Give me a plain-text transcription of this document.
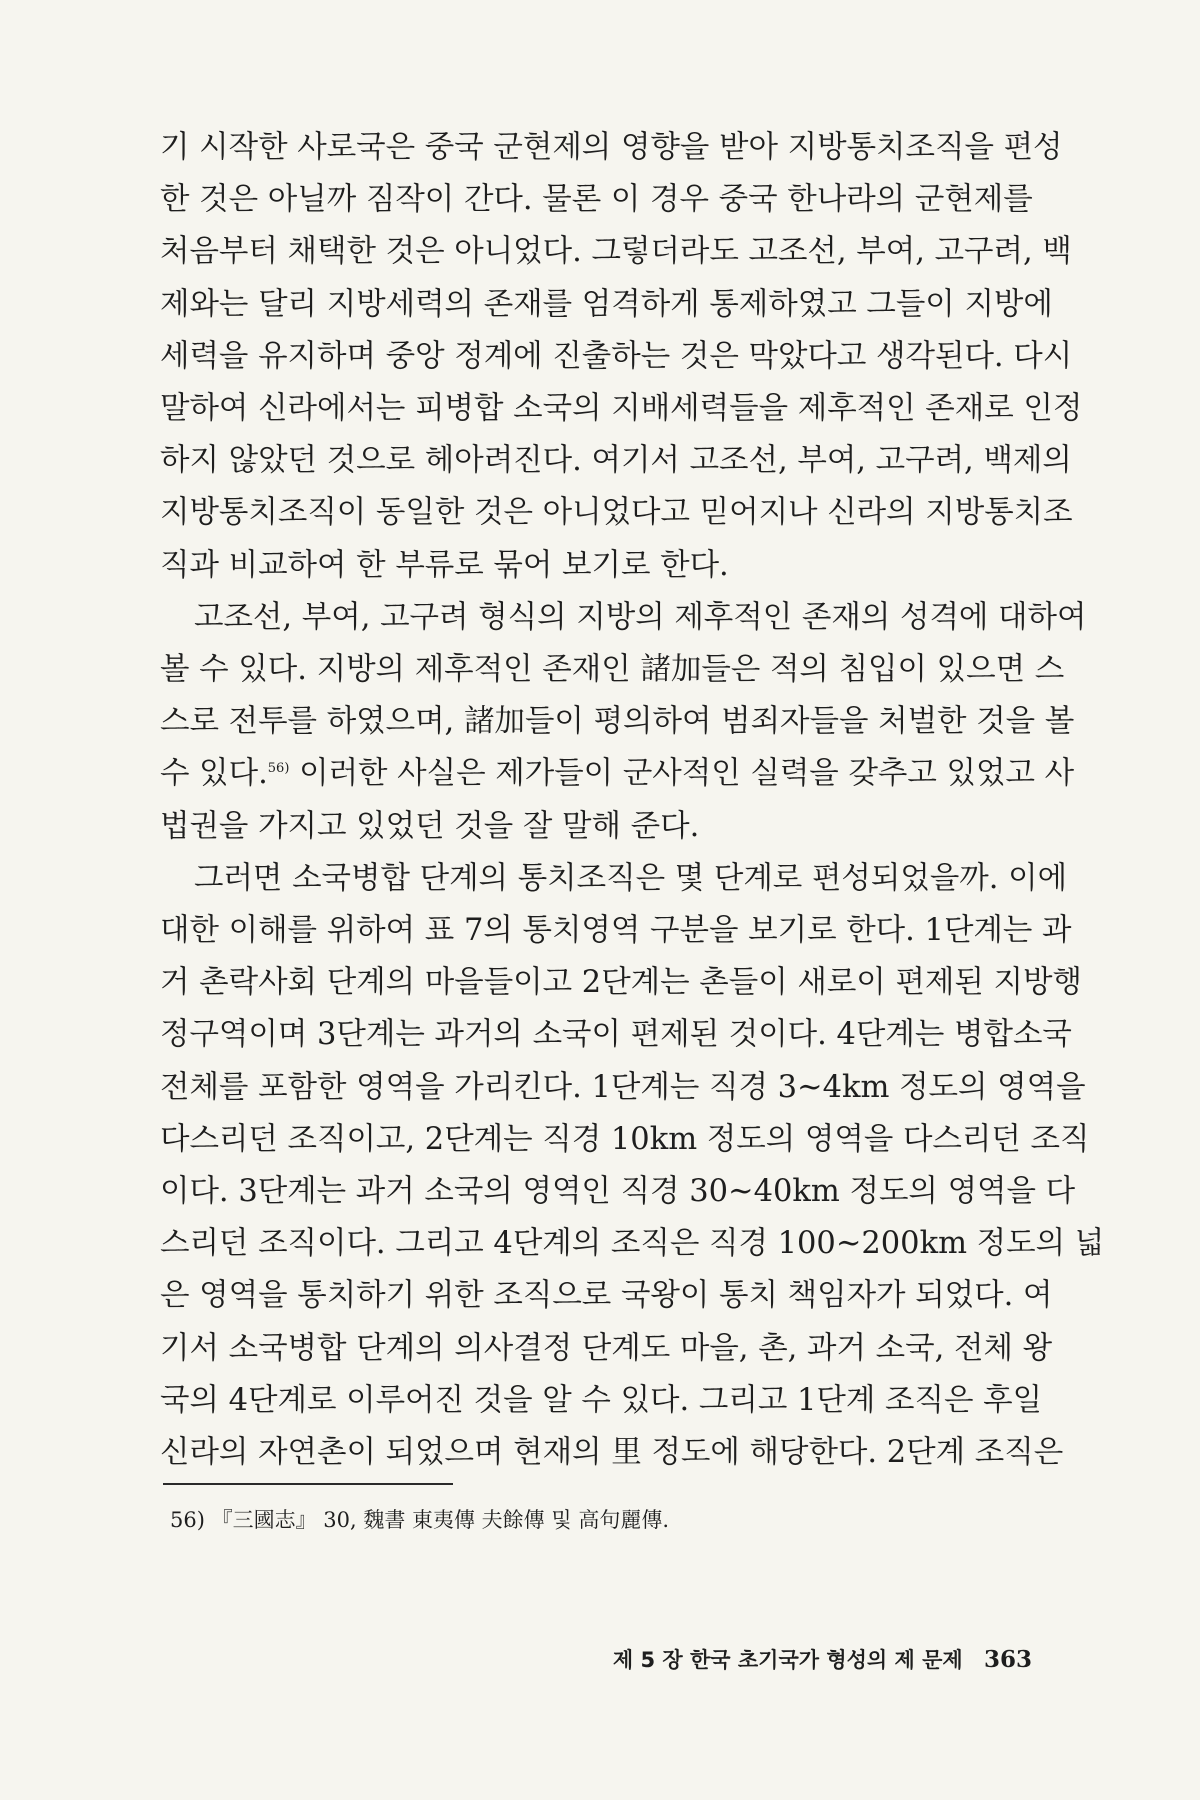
기 시작한 사로국은 중국 군현제의 영향을 받아 지방통치조직을 편성
한 것은 아닐까 짐작이 간다. 물론 이 경우 중국 한나라의 군현제를
처음부터 채택한 것은 아니었다. 그렇더라도 고조선, 부여, 고구려, 백
제와는 달리 지방세력의 존재를 엄격하게 통제하였고 그들이 지방에
세력을 유지하며 중앙 정계에 진출하는 것은 막았다고 생각된다. 다시
말하여 신라에서는 피병합 소국의 지배세력들을 제후적인 존재로 인정
하지 않았던 것으로 헤아려진다. 여기서 고조선, 부여, 고구려, 백제의
지방통치조직이 동일한 것은 아니었다고 믿어지나 신라의 지방통치조
직과 비교하여 한 부류로 묶어 보기로 한다.
고조선, 부여, 고구려 형식의 지방의 제후적인 존재의 성격에 대하여
볼 수 있다. 지방의 제후적인 존재인 諸加들은 적의 침입이 있으면 스
스로 전투를 하였으며, 諸加들이 평의하여 범죄자들을 처벌한 것을 볼
수 있다.$^{56)}$ 이러한 사실은 제가들이 군사적인 실력을 갖추고 있었고 사
법권을 가지고 있었던 것을 잘 말해 준다.
그러면 소국병합 단계의 통치조직은 몇 단계로 편성되었을까. 이에
대한 이해를 위하여 표 7의 통치영역 구분을 보기로 한다. 1단계는 과
거 촌락사회 단계의 마을들이고 2단계는 촌들이 새로이 편제된 지방행
정구역이며 3단계는 과거의 소국이 편제된 것이다. 4단계는 병합소국
전체를 포함한 영역을 가리킨다. 1단계는 직경 3~4km 정도의 영역을
다스리던 조직이고, 2단계는 직경 10km 정도의 영역을 다스리던 조직
이다. 3단계는 과거 소국의 영역인 직경 30~40km 정도의 영역을 다
스리던 조직이다. 그리고 4단계의 조직은 직경 100~200km 정도의 넓
은 영역을 통치하기 위한 조직으로 국왕이 통치 책임자가 되었다. 여
기서 소국병합 단계의 의사결정 단계도 마을, 촌, 과거 소국, 전체 왕
국의 4단계로 이루어진 것을 알 수 있다. 그리고 1단계 조직은 후일
신라의 자연촌이 되었으며 현재의 里 정도에 해당한다. 2단계 조직은
56) 『三國志』 30, 魏書 東夷傳 夫餘傳 및 高句麗傳.
제 5 장 한국 초기국가 형성의 제 문제 363
